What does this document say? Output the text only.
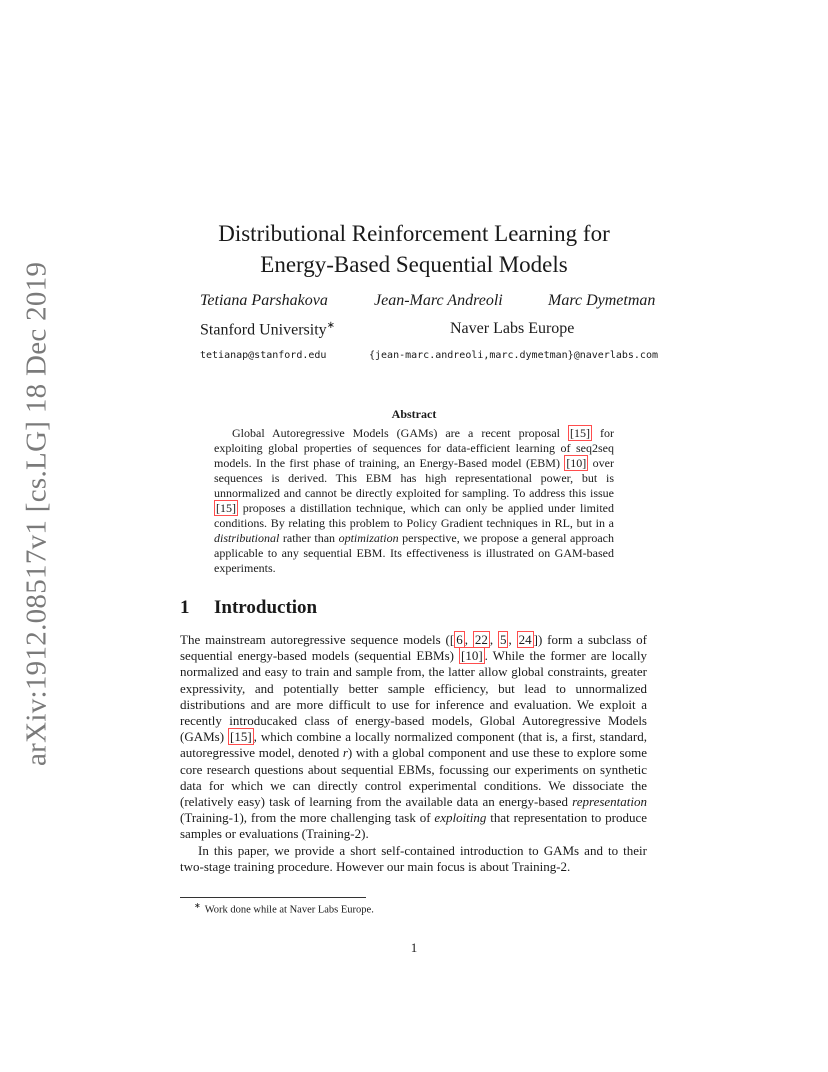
arXiv:1912.08517v1 [cs.LG] 18 Dec 2019
Distributional Reinforcement Learning for
Energy-Based Sequential Models
Tetiana Parshakova	Jean-Marc Andreoli	Marc Dymetman
Stanford University∗	Naver Labs Europe
tetianap@stanford.edu	{jean-marc.andreoli,marc.dymetman}@naverlabs.com
Abstract

Global Autoregressive Models (GAMs) are a recent proposal [15] for exploiting global properties of sequences for data-efficient learning of seq2seq models. In the first phase of training, an Energy-Based model (EBM) [10] over sequences is derived. This EBM has high representational power, but is unnormalized and cannot be directly exploited for sampling. To address this issue [15] proposes a distillation technique, which can only be applied under limited conditions. By relating this problem to Policy Gradient techniques in RL, but in a distributional rather than optimization perspective, we propose a general approach applicable to any sequential EBM. Its effectiveness is illustrated on GAM-based experiments.

1 Introduction

The mainstream autoregressive sequence models ([ 6 , 22 , 5 , 24 ]) form a subclass of sequential energy-based models (sequential EBMs) [10] . While the former are locally normalized and easy to train and sample from, the latter allow global constraints, greater expressivity, and potentially better sample efficiency, but lead to unnormalized distributions and are more difficult to use for inference and evaluation. We exploit a recently introducaked class of energy-based models, Global Autoregressive Models (GAMs) [15] , which combine a locally normalized component (that is, a first, standard, autoregressive model, denoted r) with a global component and use these to explore some core research questions about sequential EBMs, focussing our experiments on synthetic data for which we can directly control experimental conditions. We dissociate the (relatively easy) task of learning from the available data an energy-based representation (Training-1), from the more challenging task of exploiting that representation to produce samples or evaluations (Training-2).

In this paper, we provide a short self-contained introduction to GAMs and to their two-stage training procedure. However our main focus is about Training-2.

∗ Work done while at Naver Labs Europe.
1
